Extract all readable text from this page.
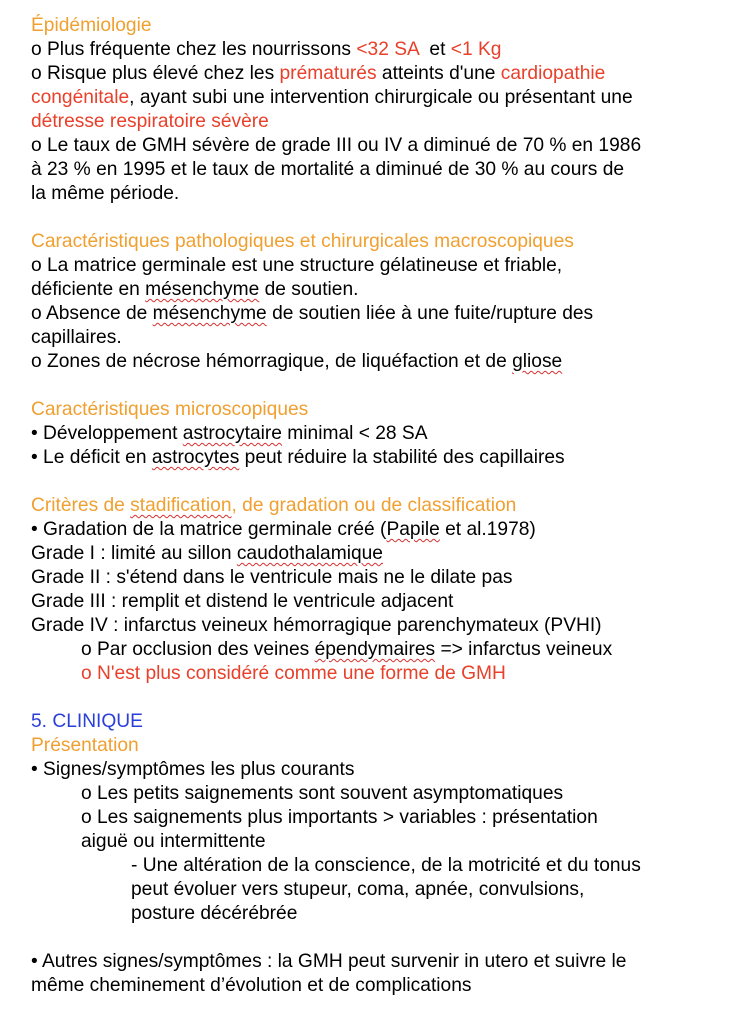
Épidémiologie
o Plus fréquente chez les nourrissons <32 SA  et <1 Kg
o Risque plus élevé chez les prématurés atteints d'une cardiopathie
congénitale, ayant subi une intervention chirurgicale ou présentant une
détresse respiratoire sévère
o Le taux de GMH sévère de grade III ou IV a diminué de 70 % en 1986
à 23 % en 1995 et le taux de mortalité a diminué de 30 % au cours de
la même période.
Caractéristiques pathologiques et chirurgicales macroscopiques
o La matrice germinale est une structure gélatineuse et friable,
déficiente en mésenchyme de soutien.
o Absence de mésenchyme de soutien liée à une fuite/rupture des
capillaires.
o Zones de nécrose hémorragique, de liquéfaction et de gliose
Caractéristiques microscopiques
• Développement astrocytaire minimal < 28 SA
• Le déficit en astrocytes peut réduire la stabilité des capillaires
Critères de stadification, de gradation ou de classification
• Gradation de la matrice germinale créé (Papile et al.1978)
Grade I : limité au sillon caudothalamique
Grade II : s'étend dans le ventricule mais ne le dilate pas
Grade III : remplit et distend le ventricule adjacent
Grade IV : infarctus veineux hémorragique parenchymateux (PVHI)
o Par occlusion des veines épendymaires => infarctus veineux
o N'est plus considéré comme une forme de GMH
5. CLINIQUE
Présentation
• Signes/symptômes les plus courants
o Les petits saignements sont souvent asymptomatiques
o Les saignements plus importants > variables : présentation
aiguë ou intermittente
- Une altération de la conscience, de la motricité et du tonus
peut évoluer vers stupeur, coma, apnée, convulsions,
posture décérébrée
• Autres signes/symptômes : la GMH peut survenir in utero et suivre le
même cheminement d’évolution et de complications
